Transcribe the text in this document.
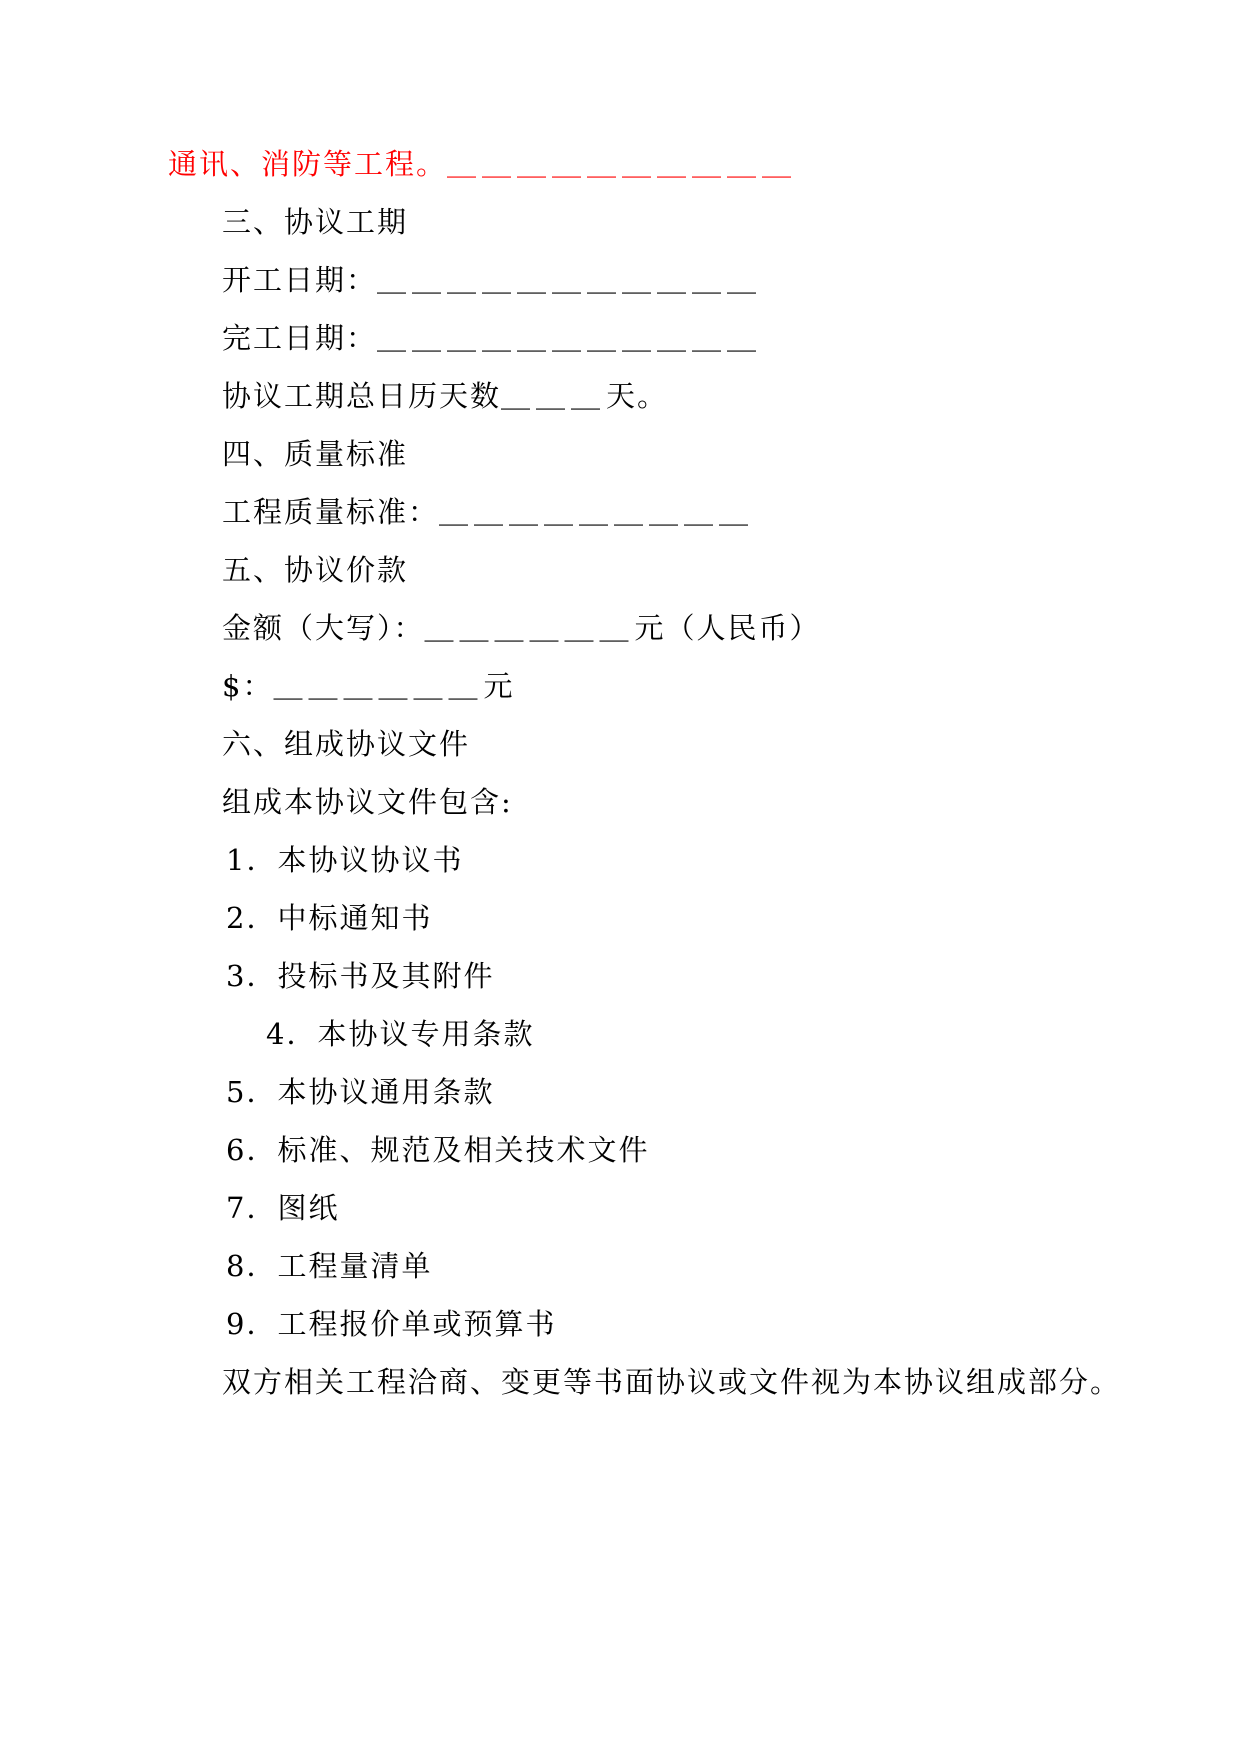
通讯、消防等工程。＿＿＿＿＿＿＿＿＿＿
三、协议工期
开工日期：＿＿＿＿＿＿＿＿＿＿＿
完工日期：＿＿＿＿＿＿＿＿＿＿＿
协议工期总日历天数＿＿＿天。
四、质量标准
工程质量标准：＿＿＿＿＿＿＿＿＿
五、协议价款
金额（大写）：＿＿＿＿＿＿元（人民币）
$：＿＿＿＿＿＿元
六、组成协议文件
组成本协议文件包含:
1．本协议协议书
2．中标通知书
3．投标书及其附件
4．本协议专用条款
5．本协议通用条款
6．标准、规范及相关技术文件
7．图纸
8．工程量清单
9．工程报价单或预算书
双方相关工程洽商、变更等书面协议或文件视为本协议组成部分。
